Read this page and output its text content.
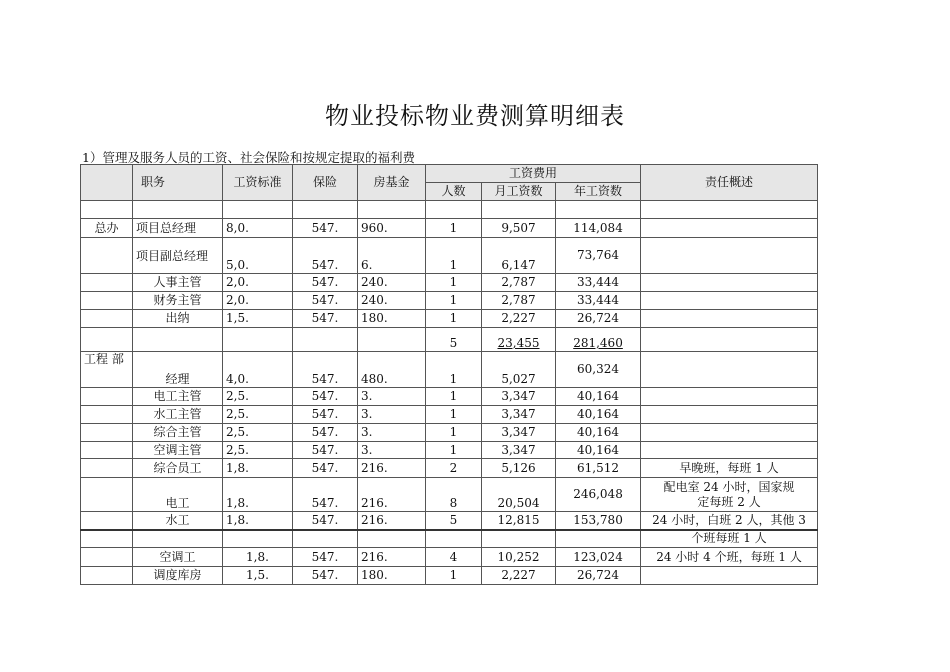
物业投标物业费测算明细表
1）管理及服务人员的工资、社会保险和按规定提取的福利费
	职务	工资标准	保险	房基金	工资费用			责任概述
					人数	月工资数	年工资数	

总办	项目总经理	8,0.	547.	960.	1	9,507	114,084	
	项目副总经理	5,0.	547.	6.	1	6,147	73,764	
	人事主管	2,0.	547.	240.	1	2,787	33,444	
	财务主管	2,0.	547.	240.	1	2,787	33,444	
	出纳	1,5.	547.	180.	1	2,227	26,724	
					5	23,455	281,460	
工程 部	经理	4,0.	547.	480.	1	5,027	60,324	
	电工主管	2,5.	547.	3.	1	3,347	40,164	
	水工主管	2,5.	547.	3.	1	3,347	40,164	
	综合主管	2,5.	547.	3.	1	3,347	40,164	
	空调主管	2,5.	547.	3.	1	3,347	40,164	
	综合员工	1,8.	547.	216.	2	5,126	61,512	早晚班，每班 1 人
	电工	1,8.	547.	216.	8	20,504	246,048	配电室 24 小时，国家规定每班 2 人
	水工	1,8.	547.	216.	5	12,815	153,780	24 小时，白班 2 人，其他 3
								个班每班 1 人
	空调工	1,8.	547.	216.	4	10,252	123,024	24 小时 4 个班，每班 1 人
	调度库房	1,5.	547.	180.	1	2,227	26,724	
